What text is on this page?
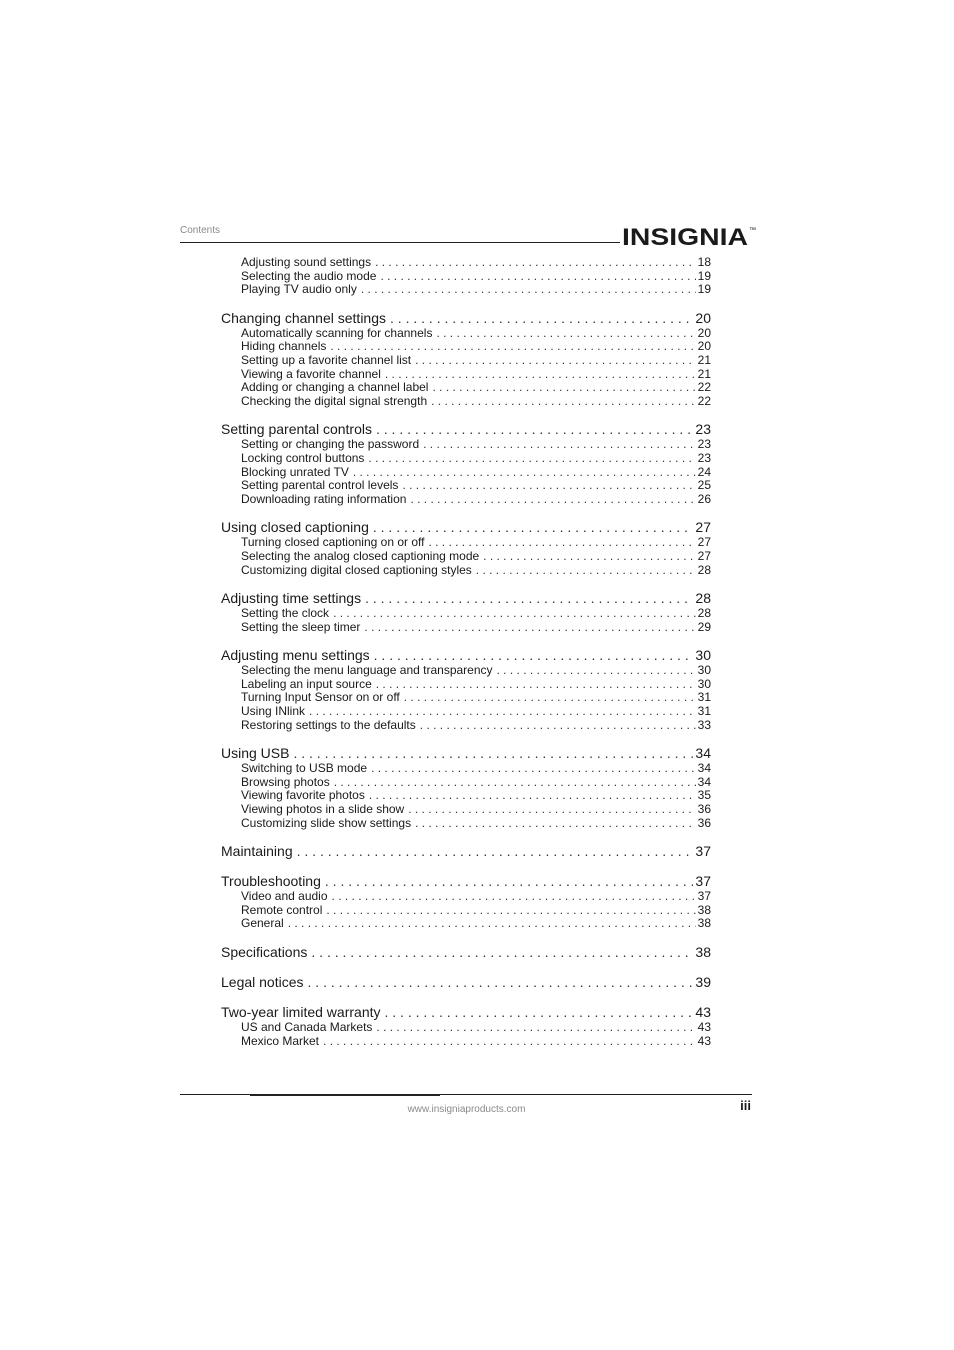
Contents	INSIGNIA ™
Adjusting sound settings . . .	18
Selecting the audio mode . . .	19
Playing TV audio only . . .	19
Changing channel settings . . .	20
Automatically scanning for channels . . .	20
Hiding channels . . .	20
Setting up a favorite channel list . . .	21
Viewing a favorite channel . . .	21
Adding or changing a channel label . . .	22
Checking the digital signal strength . . .	22
Setting parental controls . . .	23
Setting or changing the password . . .	23
Locking control buttons . . .	23
Blocking unrated TV . . .	24
Setting parental control levels . . .	25
Downloading rating information . . .	26
Using closed captioning . . .	27
Turning closed captioning on or off . . .	27
Selecting the analog closed captioning mode . . .	27
Customizing digital closed captioning styles . . .	28
Adjusting time settings . . .	28
Setting the clock . . .	28
Setting the sleep timer . . .	29
Adjusting menu settings . . .	30
Selecting the menu language and transparency . . .	30
Labeling an input source . . .	30
Turning Input Sensor on or off . . .	31
Using INlink . . .	31
Restoring settings to the defaults . . .	33
Using USB . . .	34
Switching to USB mode . . .	34
Browsing photos . . .	34
Viewing favorite photos . . .	35
Viewing photos in a slide show . . .	36
Customizing slide show settings . . .	36
Maintaining . . .	37
Troubleshooting . . .	37
Video and audio . . .	37
Remote control . . .	38
General . . .	38
Specifications . . .	38
Legal notices . . .	39
Two-year limited warranty . . .	43
US and Canada Markets . . .	43
Mexico Market . . .	43
www.insigniaproducts.com	iii
